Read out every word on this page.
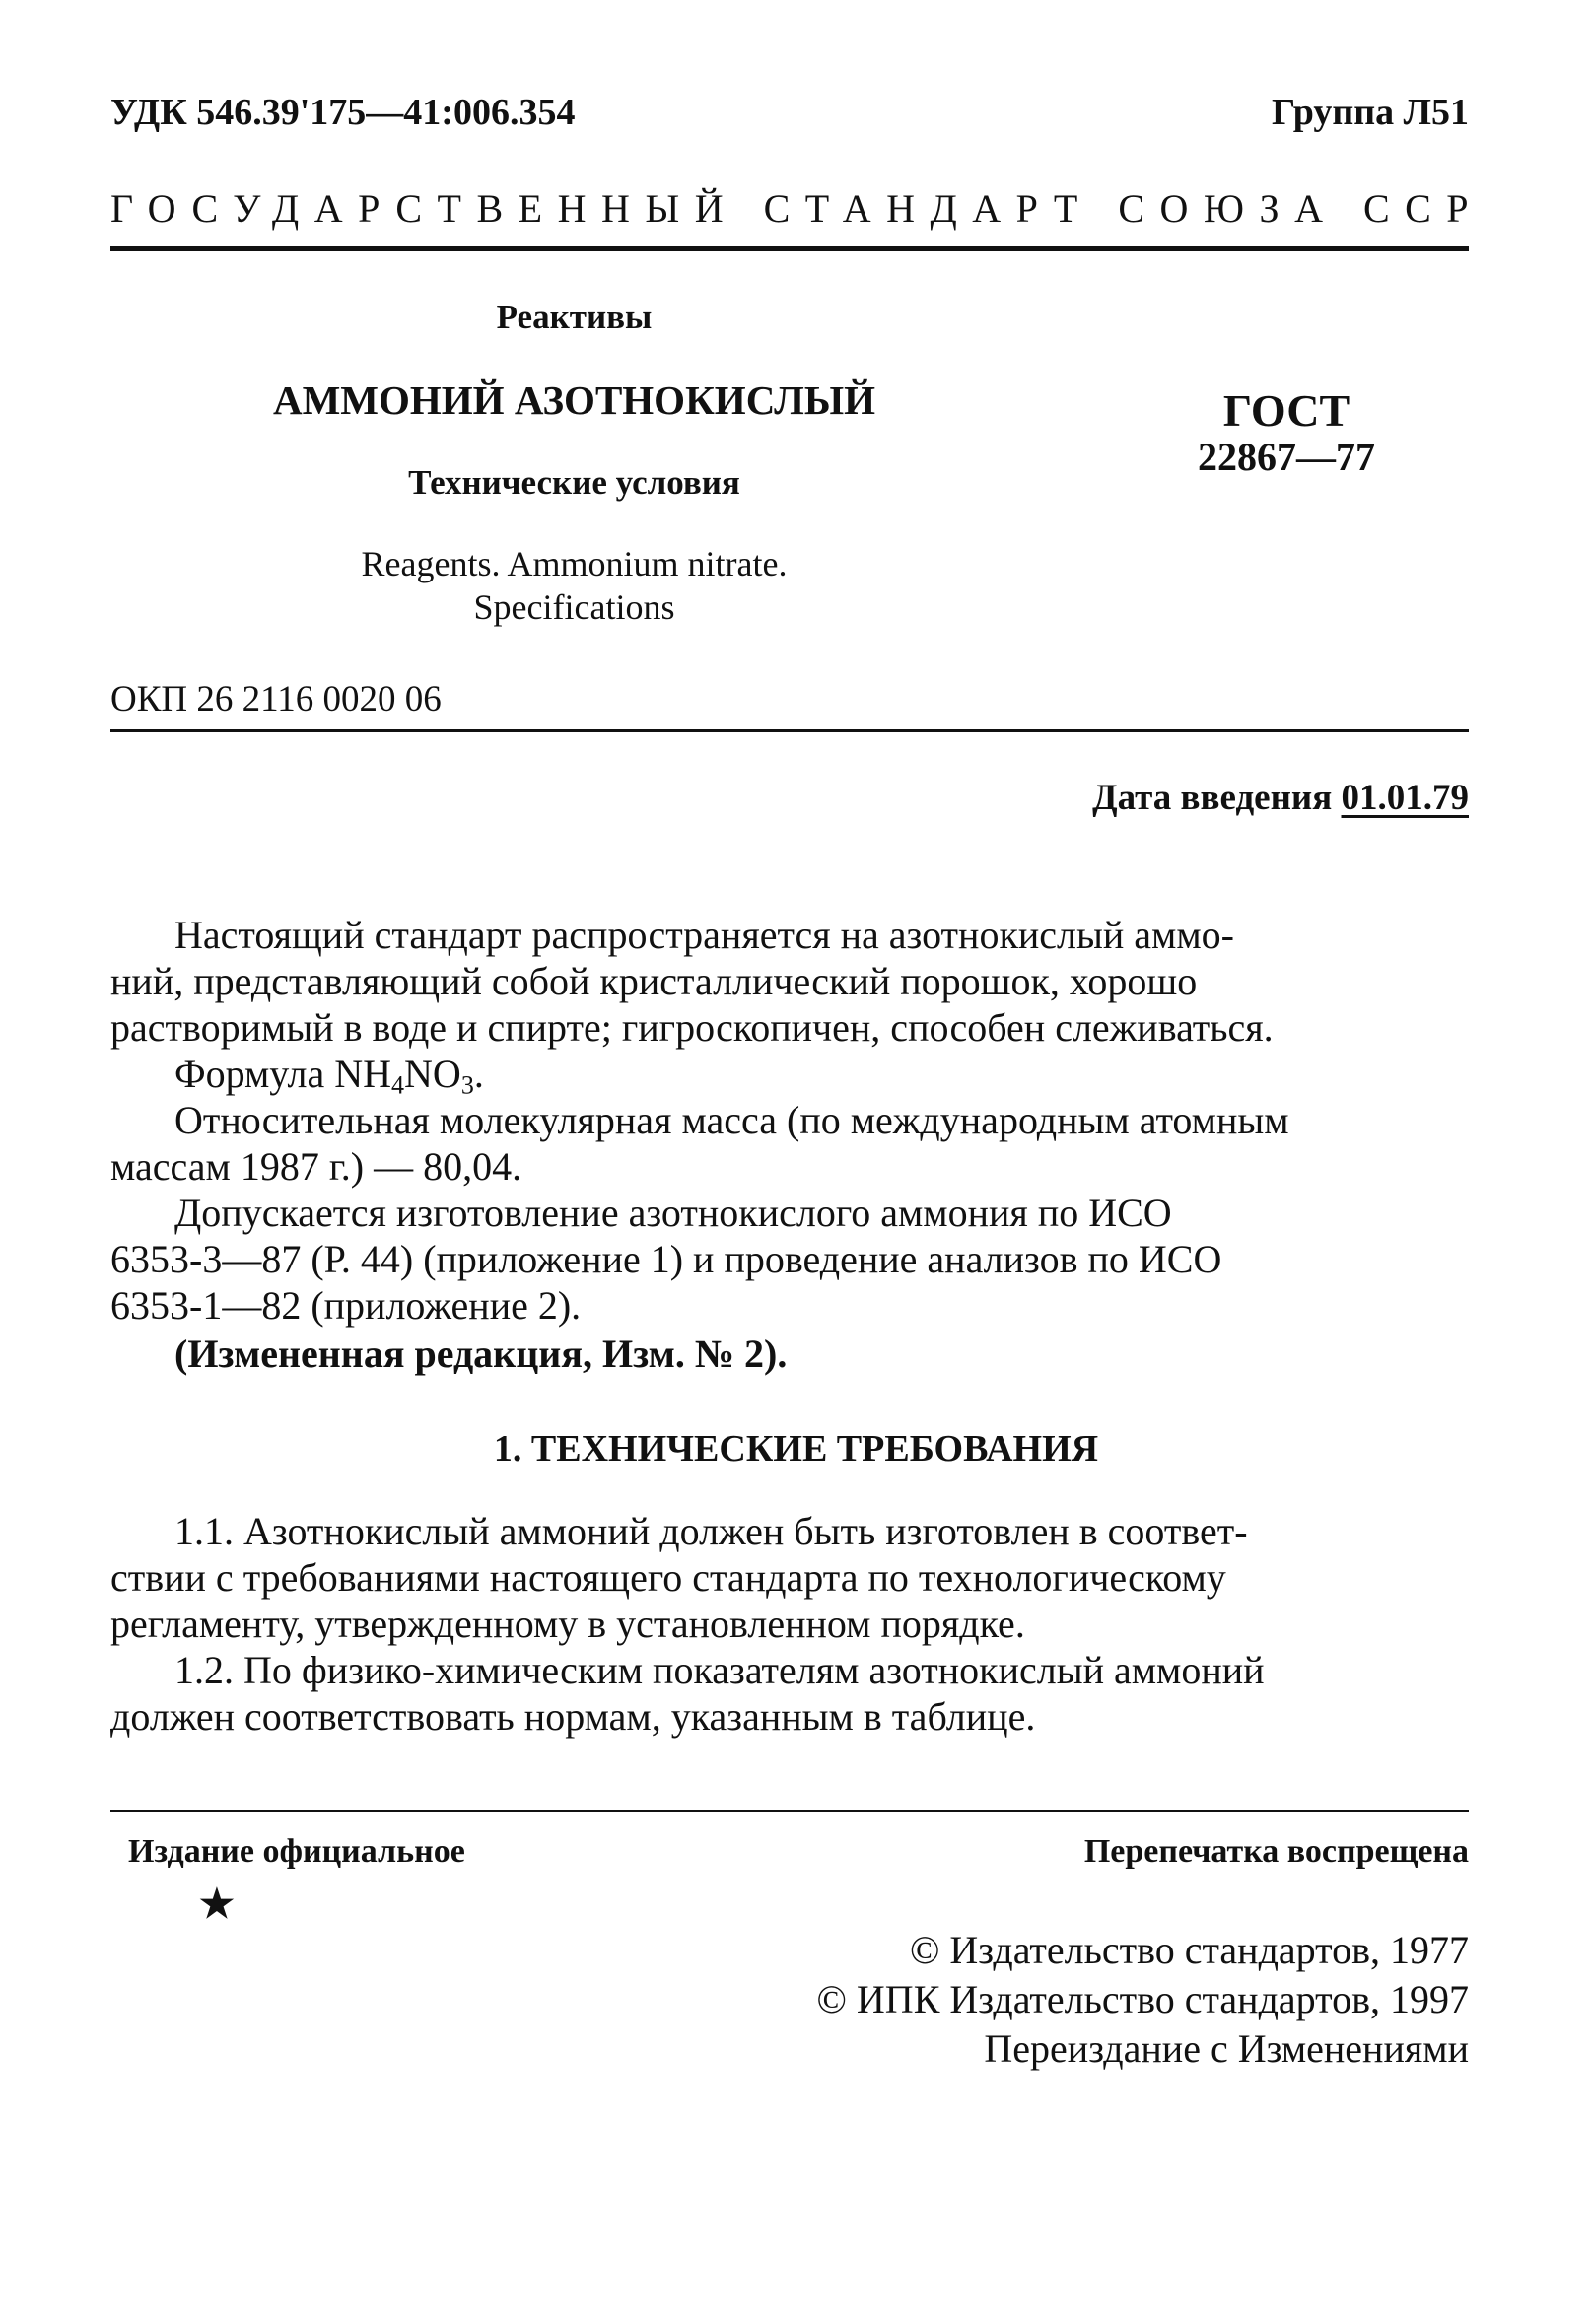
УДК 546.39'175—41:006.354	Группа Л51
ГОСУДАРСТВЕННЫЙ СТАНДАРТ СОЮЗА ССР
Реактивы
АММОНИЙ АЗОТНОКИСЛЫЙ
Технические условия
Reagents. Ammonium nitrate.
Specifications
ГОСТ
22867—77
ОКП 26 2116 0020 06
Дата введения 01.01.79
Настоящий стандарт распространяется на азотнокислый аммо-
ний, представляющий собой кристаллический порошок, хорошо
растворимый в воде и спирте; гигроскопичен, способен слеживаться.
Формула $NH_4NO_3$.
Относительная молекулярная масса (по международным атомным
массам 1987 г.) — 80,04.
Допускается изготовление азотнокислого аммония по ИСО
6353-3—87 (Р. 44) (приложение 1) и проведение анализов по ИСО
6353-1—82 (приложение 2).
(Измененная редакция, Изм. № 2).
1. ТЕХНИЧЕСКИЕ ТРЕБОВАНИЯ
1.1. Азотнокислый аммоний должен быть изготовлен в соответ-
ствии с требованиями настоящего стандарта по технологическому
регламенту, утвержденному в установленном порядке.
1.2. По физико-химическим показателям азотнокислый аммоний
должен соответствовать нормам, указанным в таблице.
Издание официальное
★
Перепечатка воспрещена
© Издательство стандартов, 1977
© ИПК Издательство стандартов, 1997
Переиздание с Изменениями
